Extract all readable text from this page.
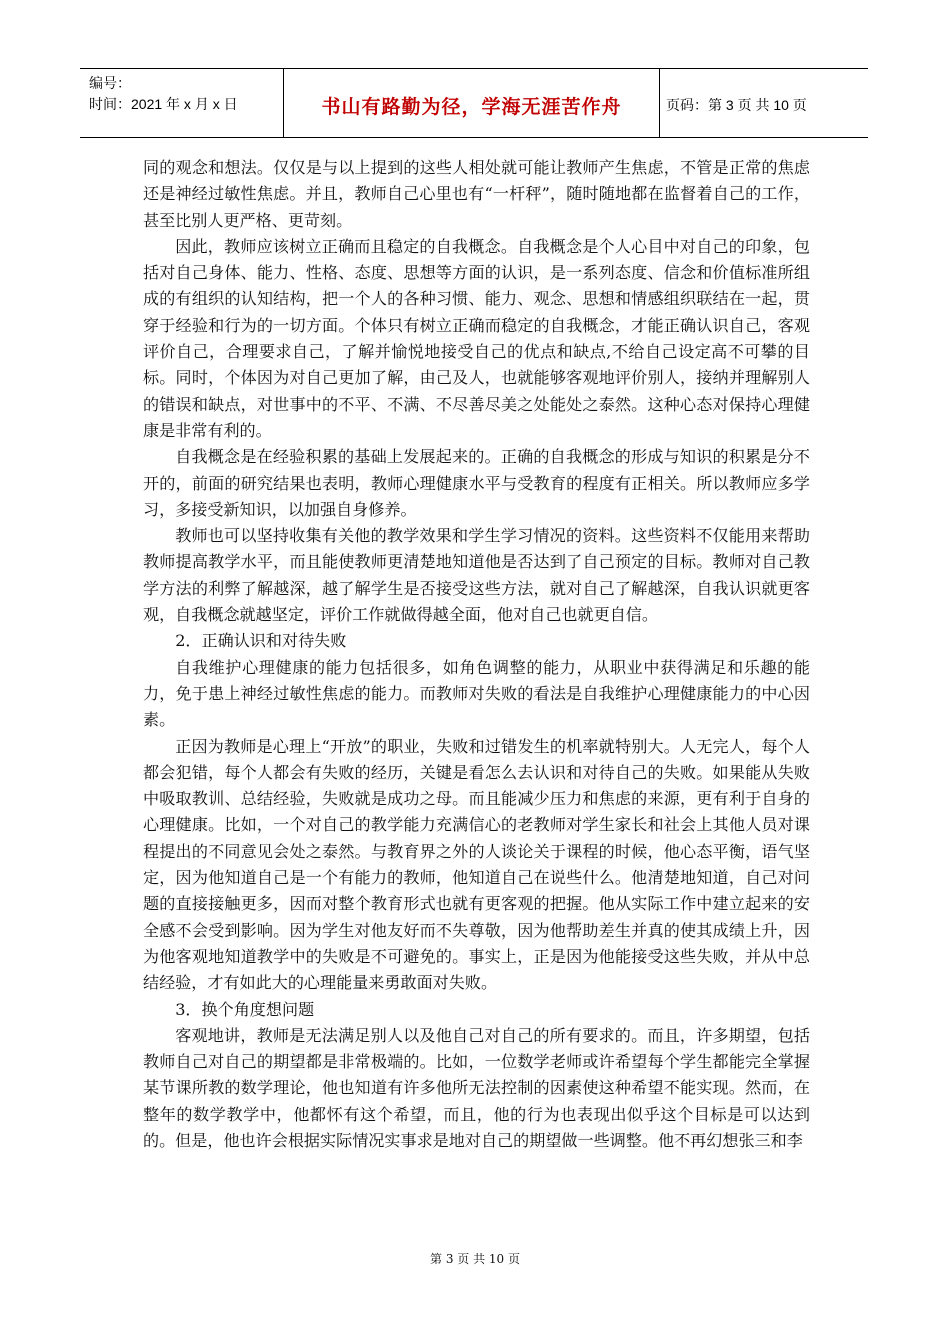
编号：
时间：2021 年 x 月 x 日	书山有路勤为径，学海无涯苦作舟	页码：第 3 页 共 10 页

同的观念和想法。仅仅是与以上提到的这些人相处就可能让教师产生焦虑，不管是正常的焦虑还是神经过敏性焦虑。并且，教师自己心里也有“一杆秤”，随时随地都在监督着自己的工作，甚至比别人更严格、更苛刻。

因此，教师应该树立正确而且稳定的自我概念。自我概念是个人心目中对自己的印象，包括对自己身体、能力、性格、态度、思想等方面的认识，是一系列态度、信念和价值标准所组成的有组织的认知结构，把一个人的各种习惯、能力、观念、思想和情感组织联结在一起，贯穿于经验和行为的一切方面。个体只有树立正确而稳定的自我概念，才能正确认识自己，客观评价自己，合理要求自己，了解并愉悦地接受自己的优点和缺点,不给自己设定高不可攀的目标。同时，个体因为对自己更加了解，由己及人，也就能够客观地评价别人，接纳并理解别人的错误和缺点，对世事中的不平、不满、不尽善尽美之处能处之泰然。这种心态对保持心理健康是非常有利的。

自我概念是在经验积累的基础上发展起来的。正确的自我概念的形成与知识的积累是分不开的，前面的研究结果也表明，教师心理健康水平与受教育的程度有正相关。所以教师应多学习，多接受新知识，以加强自身修养。

教师也可以坚持收集有关他的教学效果和学生学习情况的资料。这些资料不仅能用来帮助教师提高教学水平，而且能使教师更清楚地知道他是否达到了自己预定的目标。教师对自己教学方法的利弊了解越深，越了解学生是否接受这些方法，就对自己了解越深，自我认识就更客观，自我概念就越坚定，评价工作就做得越全面，他对自己也就更自信。

2．正确认识和对待失败

自我维护心理健康的能力包括很多，如角色调整的能力，从职业中获得满足和乐趣的能力，免于患上神经过敏性焦虑的能力。而教师对失败的看法是自我维护心理健康能力的中心因素。

正因为教师是心理上“开放”的职业，失败和过错发生的机率就特别大。人无完人，每个人都会犯错，每个人都会有失败的经历，关键是看怎么去认识和对待自己的失败。如果能从失败中吸取教训、总结经验，失败就是成功之母。而且能减少压力和焦虑的来源，更有利于自身的心理健康。比如，一个对自己的教学能力充满信心的老教师对学生家长和社会上其他人员对课程提出的不同意见会处之泰然。与教育界之外的人谈论关于课程的时候，他心态平衡，语气坚定，因为他知道自己是一个有能力的教师，他知道自己在说些什么。他清楚地知道，自己对问题的直接接触更多，因而对整个教育形式也就有更客观的把握。他从实际工作中建立起来的安全感不会受到影响。因为学生对他友好而不失尊敬，因为他帮助差生并真的使其成绩上升，因为他客观地知道教学中的失败是不可避免的。事实上，正是因为他能接受这些失败，并从中总结经验，才有如此大的心理能量来勇敢面对失败。

3．换个角度想问题

客观地讲，教师是无法满足别人以及他自己对自己的所有要求的。而且，许多期望，包括教师自己对自己的期望都是非常极端的。比如，一位数学老师或许希望每个学生都能完全掌握某节课所教的数学理论，他也知道有许多他所无法控制的因素使这种希望不能实现。然而，在整年的数学教学中，他都怀有这个希望，而且，他的行为也表现出似乎这个目标是可以达到的。但是，他也许会根据实际情况实事求是地对自己的期望做一些调整。他不再幻想张三和李

第 3 页 共 10 页
